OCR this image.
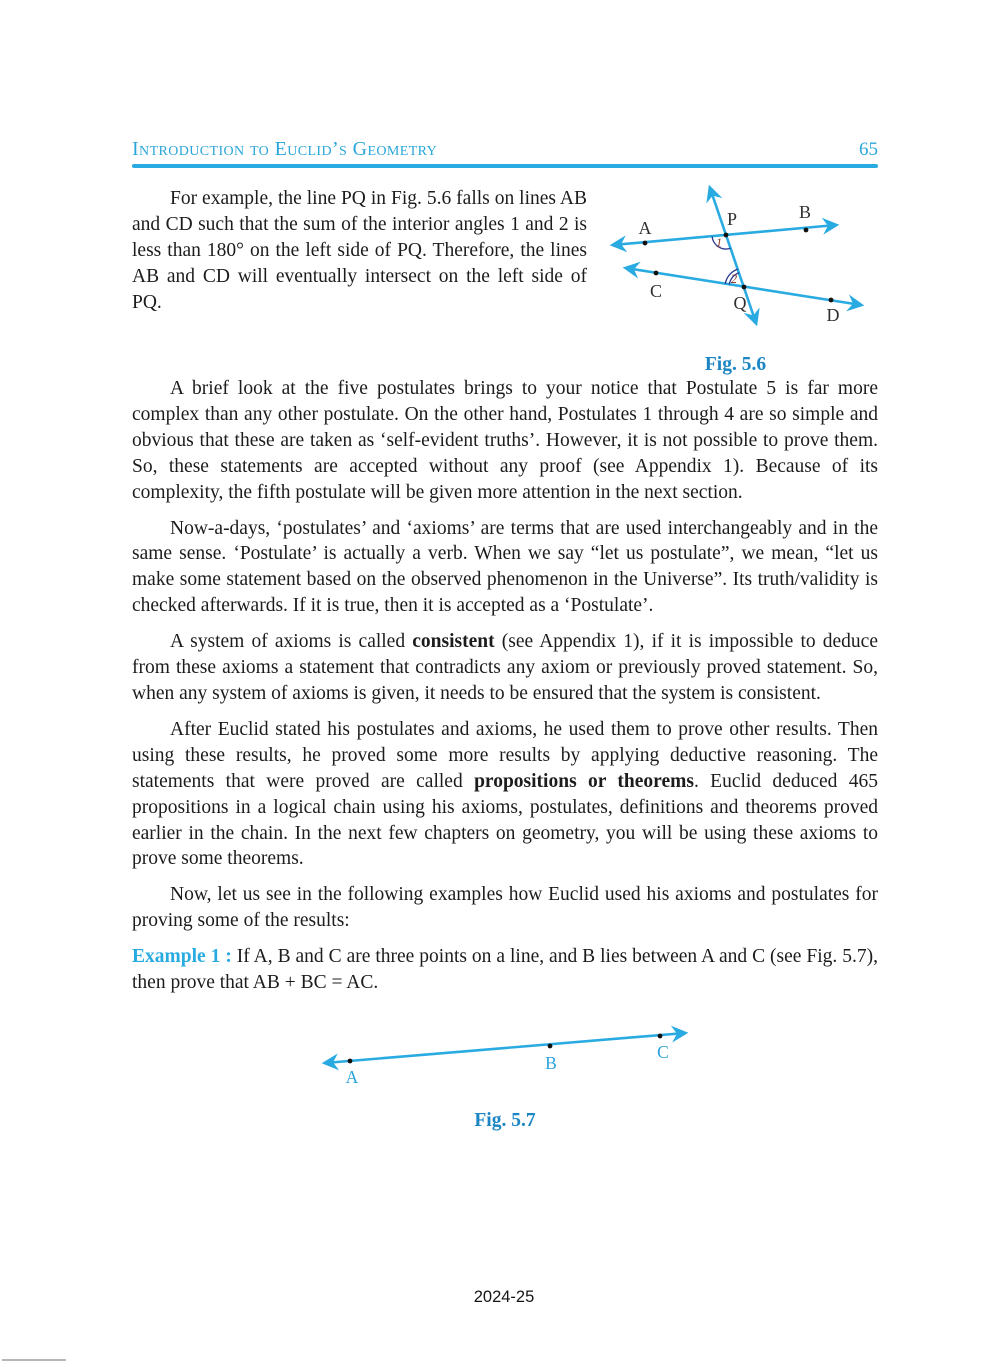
Introduction to Euclid’s Geometry	65
A	P	B
C
Q
D
1
2
Fig. 5.6

For example, the line PQ in Fig. 5.6 falls on lines AB and CD such that the sum of the interior angles 1 and 2 is less than 180° on the left side of PQ. Therefore, the lines AB and CD will eventually intersect on the left side of PQ.

A brief look at the five postulates brings to your notice that Postulate 5 is far more complex than any other postulate. On the other hand, Postulates 1 through 4 are so simple and obvious that these are taken as ‘self-evident truths’. However, it is not possible to prove them. So, these statements are accepted without any proof (see Appendix 1). Because of its complexity, the fifth postulate will be given more attention in the next section.

Now-a-days, ‘postulates’ and ‘axioms’ are terms that are used interchangeably and in the same sense. ‘Postulate’ is actually a verb. When we say “let us postulate”, we mean, “let us make some statement based on the observed phenomenon in the Universe”. Its truth/validity is checked afterwards. If it is true, then it is accepted as a ‘Postulate’.

A system of axioms is called consistent (see Appendix 1), if it is impossible to deduce from these axioms a statement that contradicts any axiom or previously proved statement. So, when any system of axioms is given, it needs to be ensured that the system is consistent.

After Euclid stated his postulates and axioms, he used them to prove other results. Then using these results, he proved some more results by applying deductive reasoning. The statements that were proved are called propositions or theorems. Euclid deduced 465 propositions in a logical chain using his axioms, postulates, definitions and theorems proved earlier in the chain. In the next few chapters on geometry, you will be using these axioms to prove some theorems.

Now, let us see in the following examples how Euclid used his axioms and postulates for proving some of the results:

Example 1 : If A, B and C are three points on a line, and B lies between A and C (see Fig. 5.7), then prove that AB + BC = AC.

A
B
C
Fig. 5.7
2024-25
